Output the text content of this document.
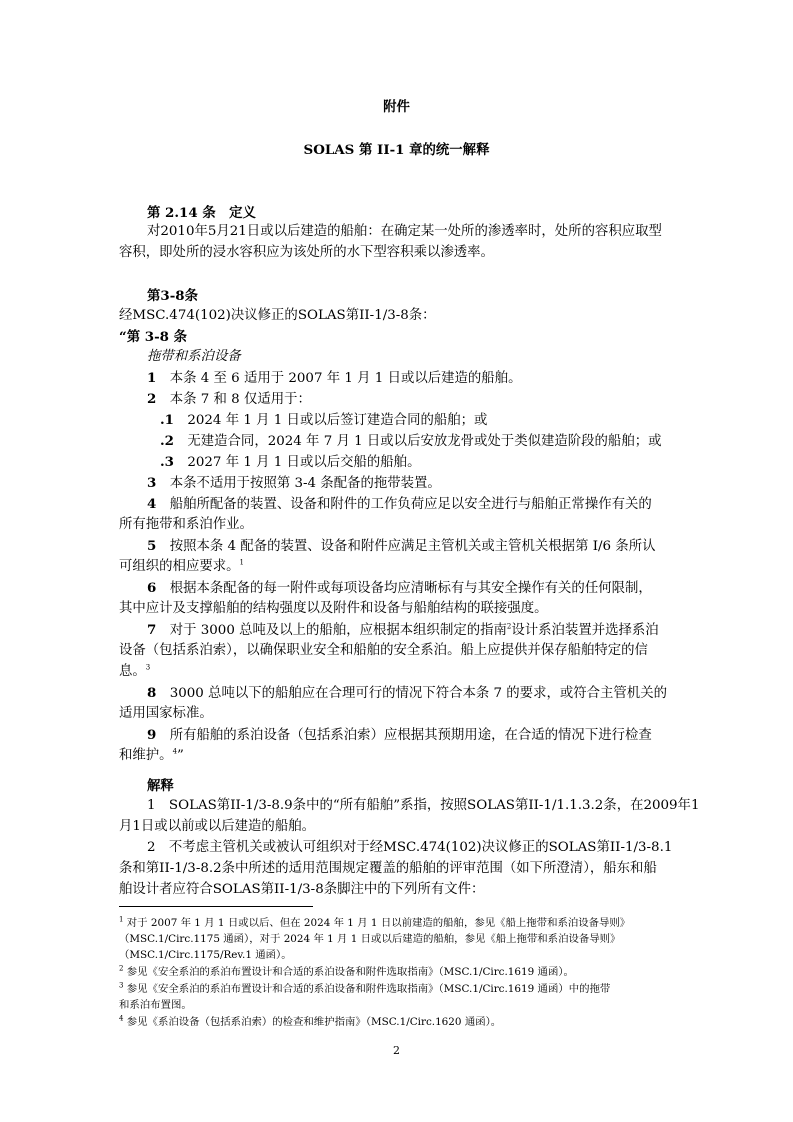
附件
SOLAS 第 II-1 章的统一解释
第 2.14 条　定义
对2010年5月21日或以后建造的船舶：在确定某一处所的渗透率时，处所的容积应取型
容积，即处所的浸水容积应为该处所的水下型容积乘以渗透率。
第3-8条
经MSC.474(102)决议修正的SOLAS第II-1/3-8条：
“第 3-8 条
拖带和系泊设备
1　 本条 4 至 6 适用于 2007 年 1 月 1 日或以后建造的船舶。
2　 本条 7 和 8 仅适用于：
.1　 2024 年 1 月 1 日或以后签订建造合同的船舶；或
.2　 无建造合同，2024 年 7 月 1 日或以后安放龙骨或处于类似建造阶段的船舶；或
.3　 2027 年 1 月 1 日或以后交船的船舶。
3　 本条不适用于按照第 3-4 条配备的拖带装置。
4　 船舶所配备的装置、设备和附件的工作负荷应足以安全进行与船舶正常操作有关的
所有拖带和系泊作业。
5　 按照本条 4 配备的装置、设备和附件应满足主管机关或主管机关根据第 I/6 条所认
可组织的相应要求。$^1$
6　 根据本条配备的每一附件或每项设备均应清晰标有与其安全操作有关的任何限制，
其中应计及支撑船舶的结构强度以及附件和设备与船舶结构的联接强度。
7　 对于 3000 总吨及以上的船舶，应根据本组织制定的指南$^2$设计系泊装置并选择系泊
设备（包括系泊索），以确保职业安全和船舶的安全系泊。船上应提供并保存船舶特定的信
息。$^3$
8　 3000 总吨以下的船舶应在合理可行的情况下符合本条 7 的要求，或符合主管机关的
适用国家标准。
9　 所有船舶的系泊设备（包括系泊索）应根据其预期用途，在合适的情况下进行检查
和维护。$^4$”
解释
1　 SOLAS第II-1/3-8.9条中的“所有船舶”系指，按照SOLAS第II-1/1.1.3.2条，在2009年1
月1日或以前或以后建造的船舶。
2　 不考虑主管机关或被认可组织对于经MSC.474(102)决议修正的SOLAS第II-1/3-8.1
条和第II-1/3-8.2条中所述的适用范围规定覆盖的船舶的评审范围（如下所澄清），船东和船
舶设计者应符合SOLAS第II-1/3-8条脚注中的下列所有文件：
$^1$ 对于 2007 年 1 月 1 日或以后、但在 2024 年 1 月 1 日以前建造的船舶，参见《船上拖带和系泊设备导则》
（MSC.1/Circ.1175 通函），对于 2024 年 1 月 1 日或以后建造的船舶，参见《船上拖带和系泊设备导则》
（MSC.1/Circ.1175/Rev.1 通函）。
$^2$ 参见《安全系泊的系泊布置设计和合适的系泊设备和附件选取指南》（MSC.1/Circ.1619 通函）。
$^3$ 参见《安全系泊的系泊布置设计和合适的系泊设备和附件选取指南》（MSC.1/Circ.1619 通函）中的拖带
和系泊布置图。
$^4$ 参见《系泊设备（包括系泊索）的检查和维护指南》（MSC.1/Circ.1620 通函）。
2
